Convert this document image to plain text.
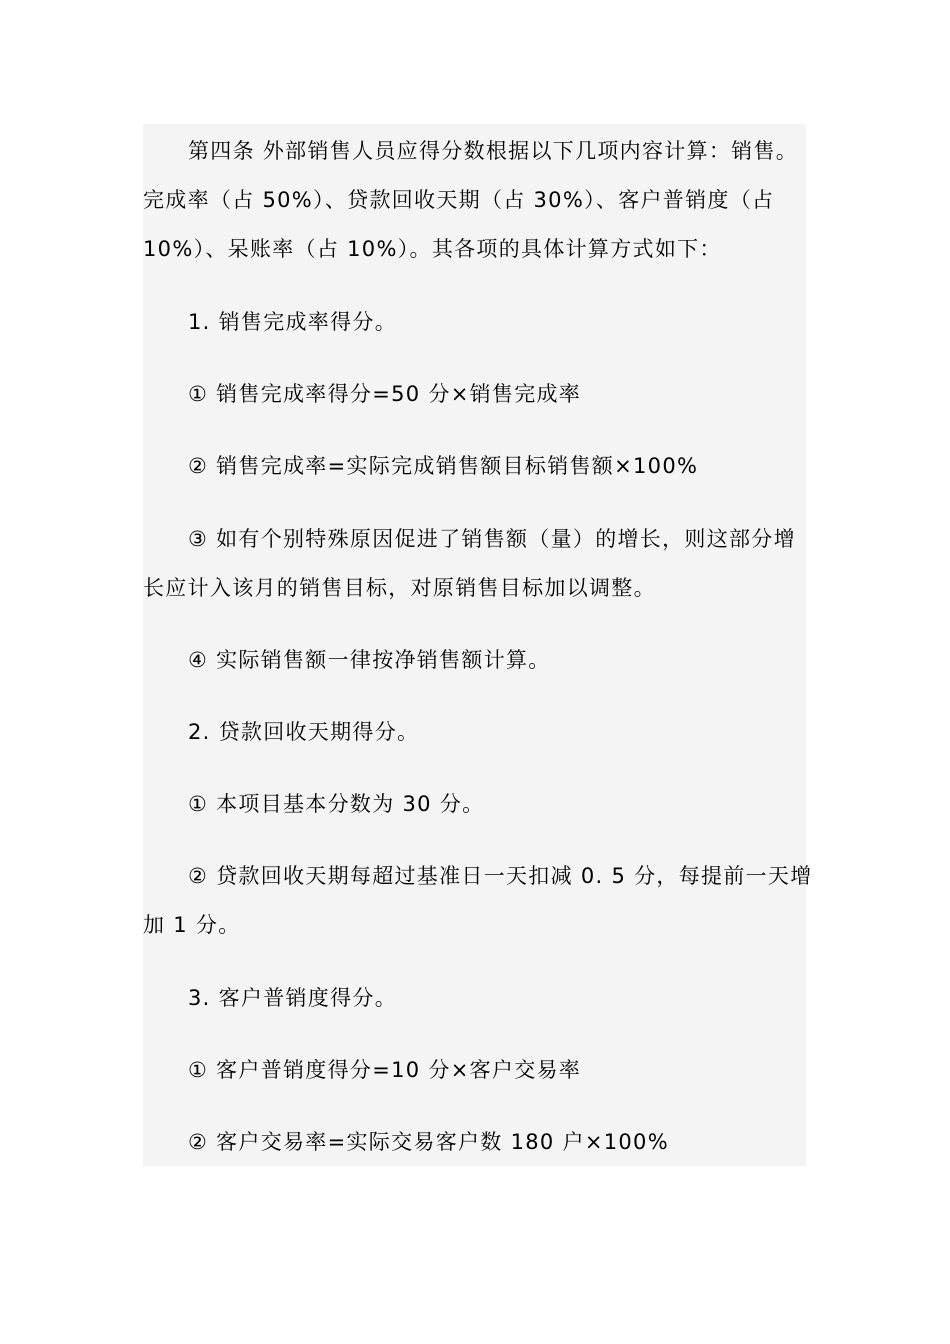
第四条 外部销售人员应得分数根据以下几项内容计算：销售。
完成率（占 50%）、贷款回收天期（占 30%）、客户普销度（占
10%）、呆账率（占 10%）。其各项的具体计算方式如下：

1. 销售完成率得分。

① 销售完成率得分=50 分×销售完成率

② 销售完成率=实际完成销售额目标销售额×100%

③ 如有个别特殊原因促进了销售额（量）的增长，则这部分增
长应计入该月的销售目标，对原销售目标加以调整。

④ 实际销售额一律按净销售额计算。

2. 贷款回收天期得分。

① 本项目基本分数为 30 分。

② 贷款回收天期每超过基准日一天扣减 0. 5 分，每提前一天增
加 1 分。

3. 客户普销度得分。

① 客户普销度得分=10 分×客户交易率

② 客户交易率=实际交易客户数 180 户×100%
